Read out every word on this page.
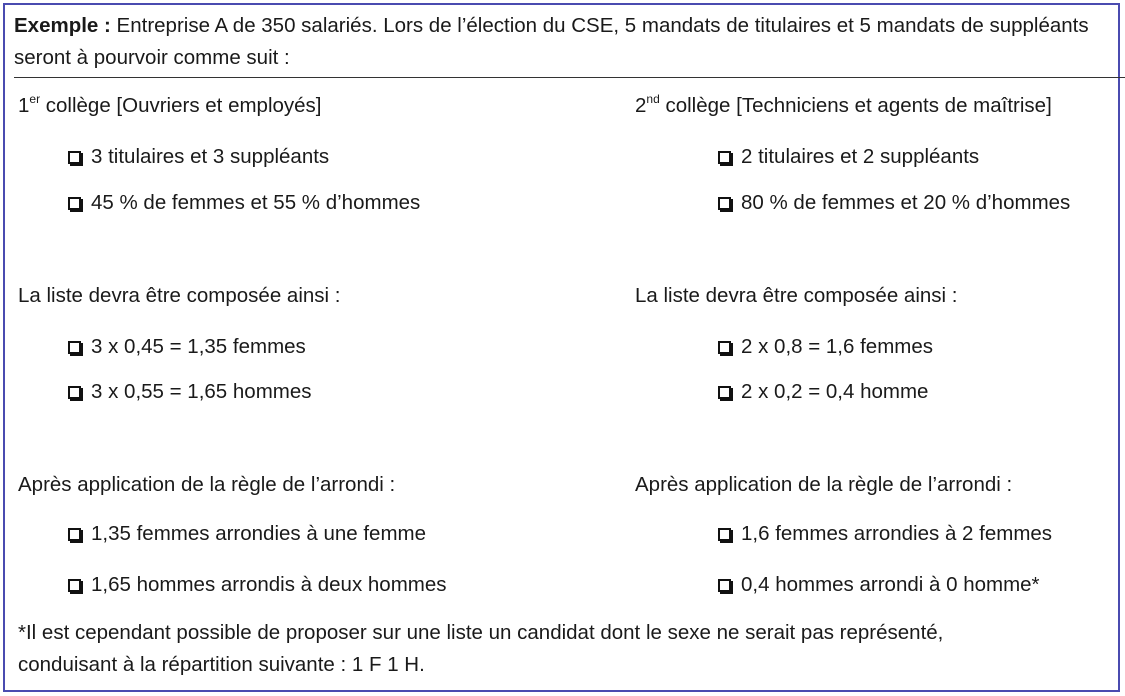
Exemple : Entreprise A de 350 salariés. Lors de l’élection du CSE, 5 mandats de titulaires et 5 mandats de suppléants seront à pourvoir comme suit :
1er collège [Ouvriers et employés]
3 titulaires et 3 suppléants
45 % de femmes et 55 % d’hommes
La liste devra être composée ainsi :
3 x 0,45 = 1,35 femmes
3 x 0,55 = 1,65 hommes
Après application de la règle de l’arrondi :
1,35 femmes arrondies à une femme
1,65 hommes arrondis à deux hommes
2nd collège [Techniciens et agents de maîtrise]
2 titulaires et 2 suppléants
80 % de femmes et 20 % d’hommes
La liste devra être composée ainsi :
2 x 0,8 = 1,6 femmes
2 x 0,2 = 0,4 homme
Après application de la règle de l’arrondi :
1,6 femmes arrondies à 2 femmes
0,4 hommes arrondi à 0 homme*
*Il est cependant possible de proposer sur une liste un candidat dont le sexe ne serait pas représenté,
conduisant à la répartition suivante : 1 F 1 H.
